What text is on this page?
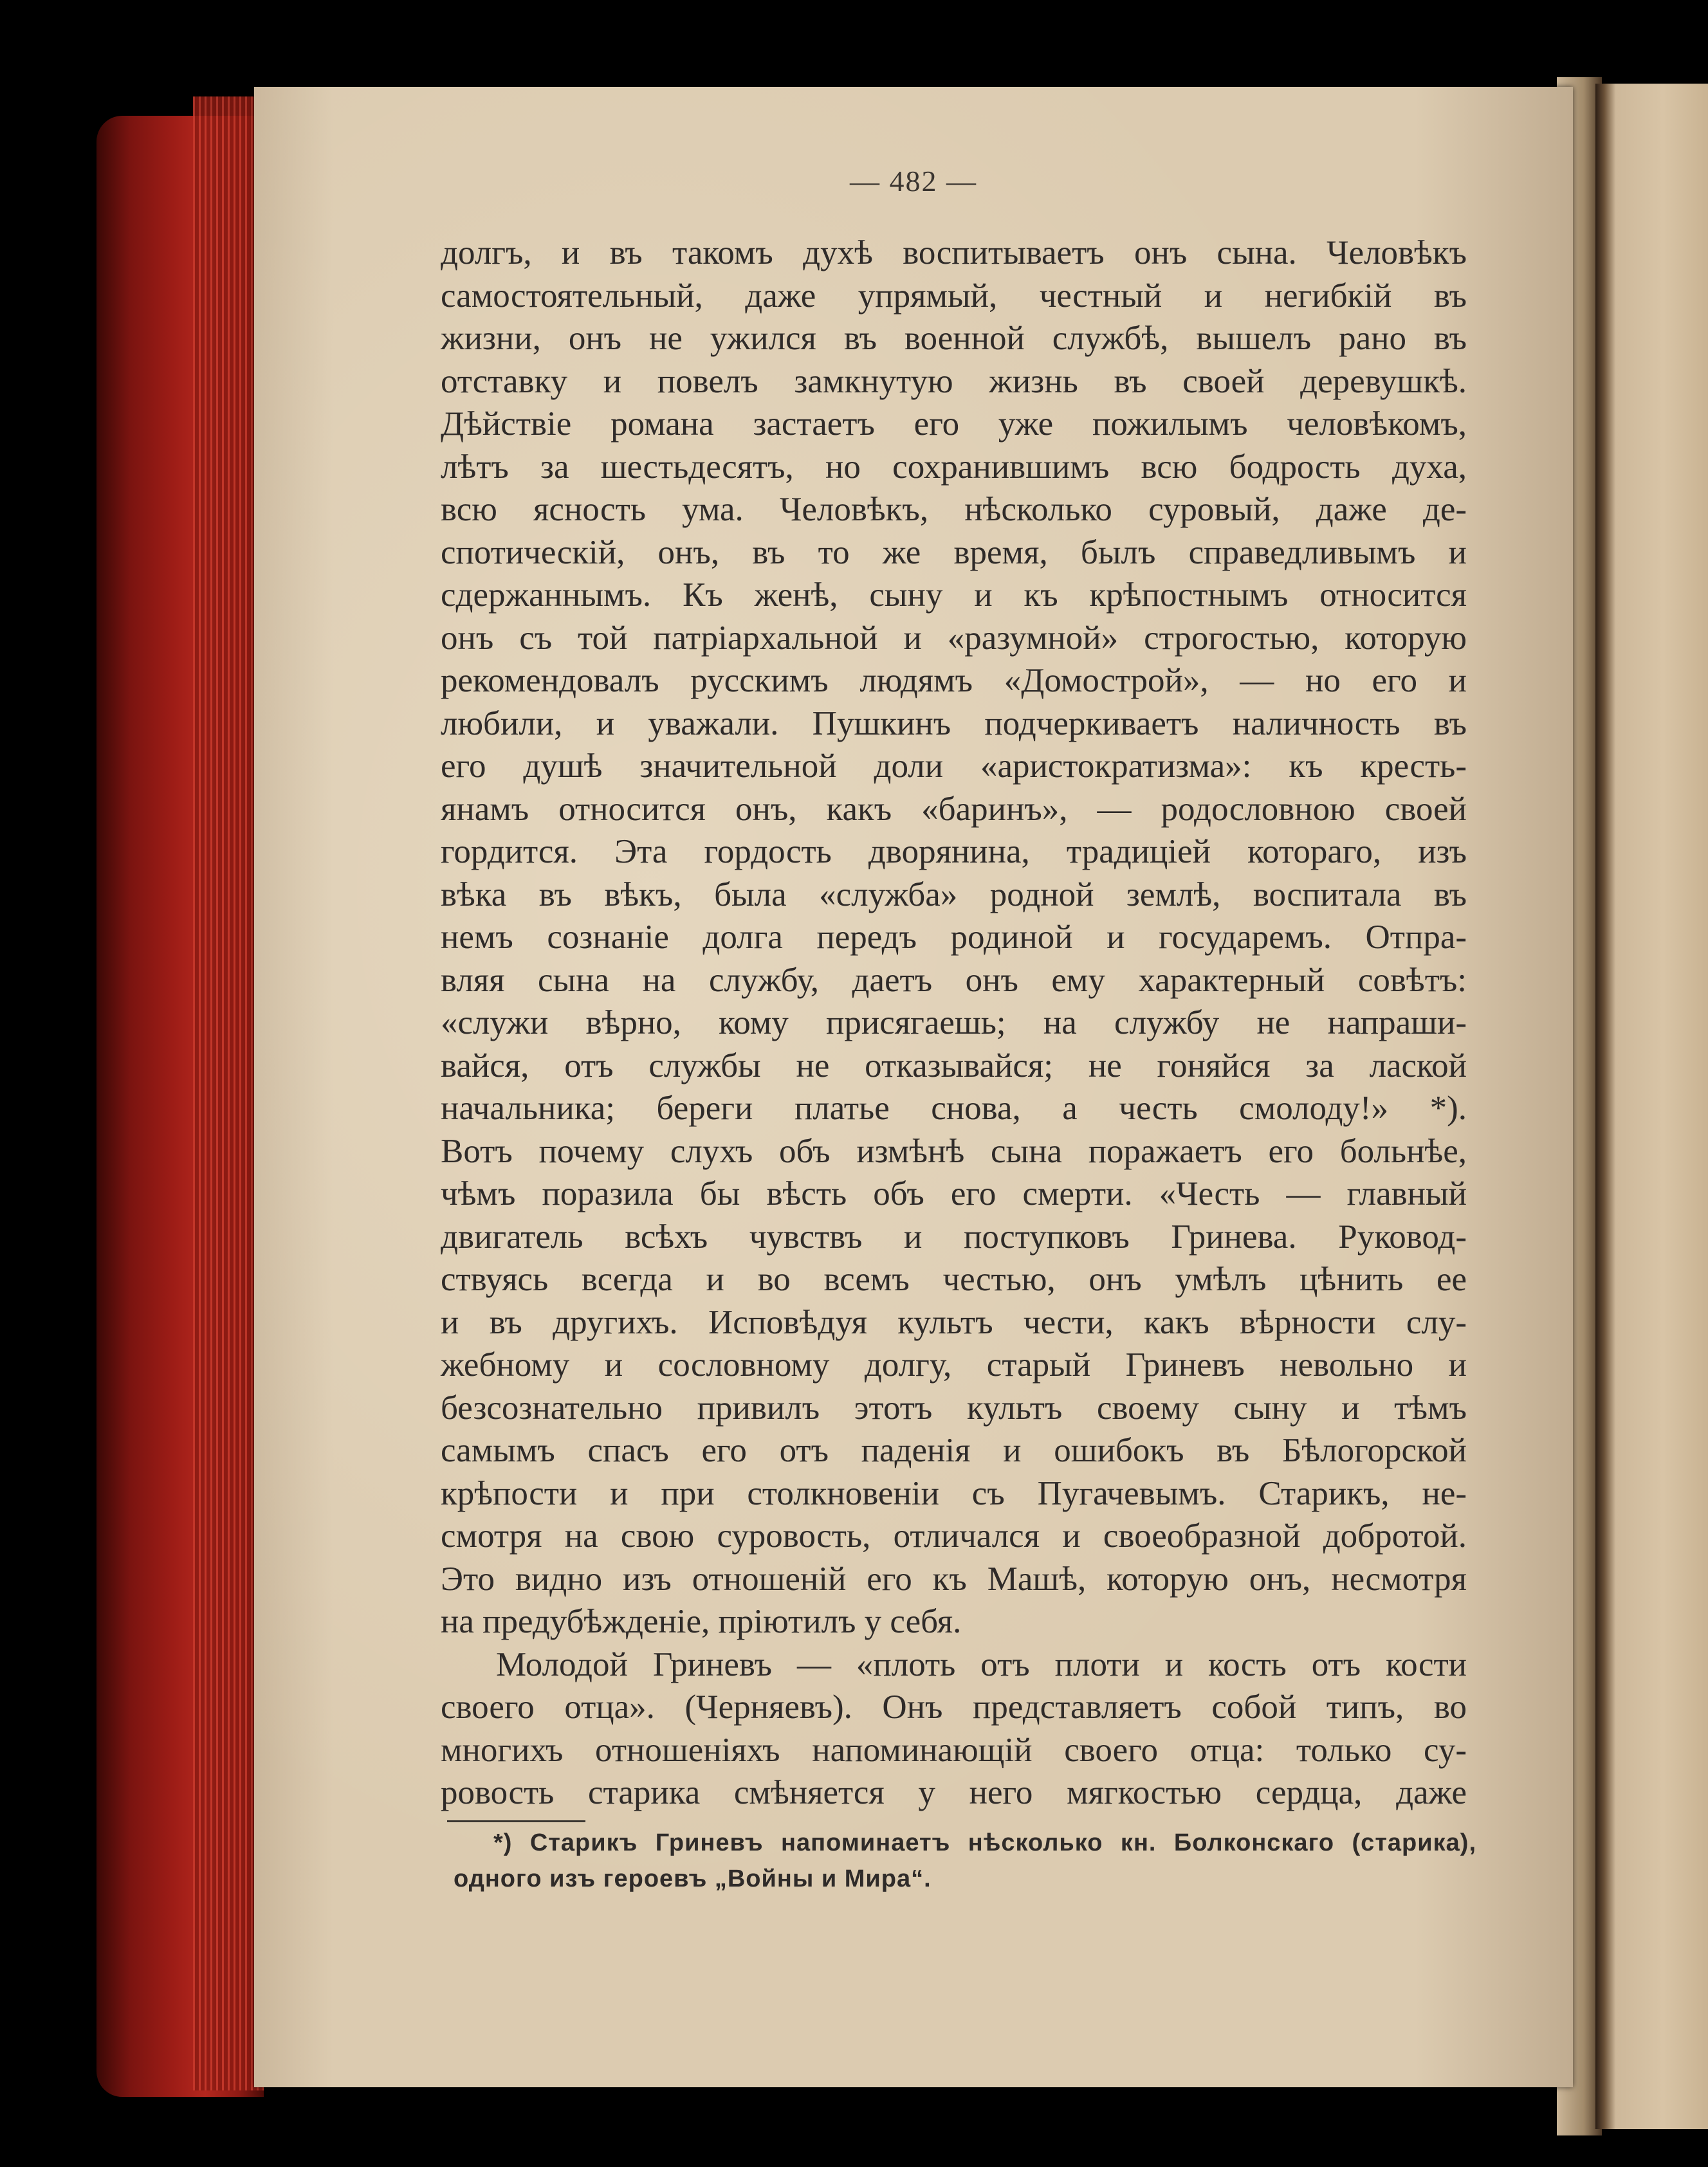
— 482 —

долгъ, и въ такомъ духѣ воспитываетъ онъ сына. Человѣкъ

самостоятельный, даже упрямый, честный и негибкій въ

жизни, онъ не ужился въ военной службѣ, вышелъ рано въ

отставку и повелъ замкнутую жизнь въ своей деревушкѣ.

Дѣйствіе романа застаетъ его уже пожилымъ человѣкомъ,

лѣтъ за шестьдесятъ, но сохранившимъ всю бодрость духа,

всю ясность ума. Человѣкъ, нѣсколько суровый, даже де-

спотическій, онъ, въ то же время, былъ справедливымъ и

сдержаннымъ. Къ женѣ, сыну и къ крѣпостнымъ относится

онъ съ той патріархальной и «разумной» строгостью, которую

рекомендовалъ русскимъ людямъ «Домострой», — но его и

любили, и уважали. Пушкинъ подчеркиваетъ наличность въ

его душѣ значительной доли «аристократизма»: къ кресть-

янамъ относится онъ, какъ «баринъ», — родословною своей

гордится. Эта гордость дворянина, традиціей котораго, изъ

вѣка въ вѣкъ, была «служба» родной землѣ, воспитала въ

немъ сознаніе долга передъ родиной и государемъ. Отпра-

вляя сына на службу, даетъ онъ ему характерный совѣтъ:

«служи вѣрно, кому присягаешь; на службу не напраши-

вайся, отъ службы не отказывайся; не гоняйся за лаской

начальника; береги платье снова, а честь смолоду!» *).

Вотъ почему слухъ объ измѣнѣ сына поражаетъ его больнѣе,

чѣмъ поразила бы вѣсть объ его смерти. «Честь — главный

двигатель всѣхъ чувствъ и поступковъ Гринева. Руковод-

ствуясь всегда и во всемъ честью, онъ умѣлъ цѣнить ее

и въ другихъ. Исповѣдуя культъ чести, какъ вѣрности слу-

жебному и сословному долгу, старый Гриневъ невольно и

безсознательно привилъ этотъ культъ своему сыну и тѣмъ

самымъ спасъ его отъ паденія и ошибокъ въ Бѣлогорской

крѣпости и при столкновеніи съ Пугачевымъ. Старикъ, не-

смотря на свою суровость, отличался и своеобразной добротой.

Это видно изъ отношеній его къ Машѣ, которую онъ, несмотря

на предубѣжденіе, пріютилъ у себя.

Молодой Гриневъ — «плоть отъ плоти и кость отъ кости

своего отца». (Черняевъ). Онъ представляетъ собой типъ, во

многихъ отношеніяхъ напоминающій своего отца: только су-

ровость старика смѣняется у него мягкостью сердца, даже

*) Старикъ Гриневъ напоминаетъ нѣсколько кн. Болконскаго (старика),

одного изъ героевъ „Войны и Мира“.
